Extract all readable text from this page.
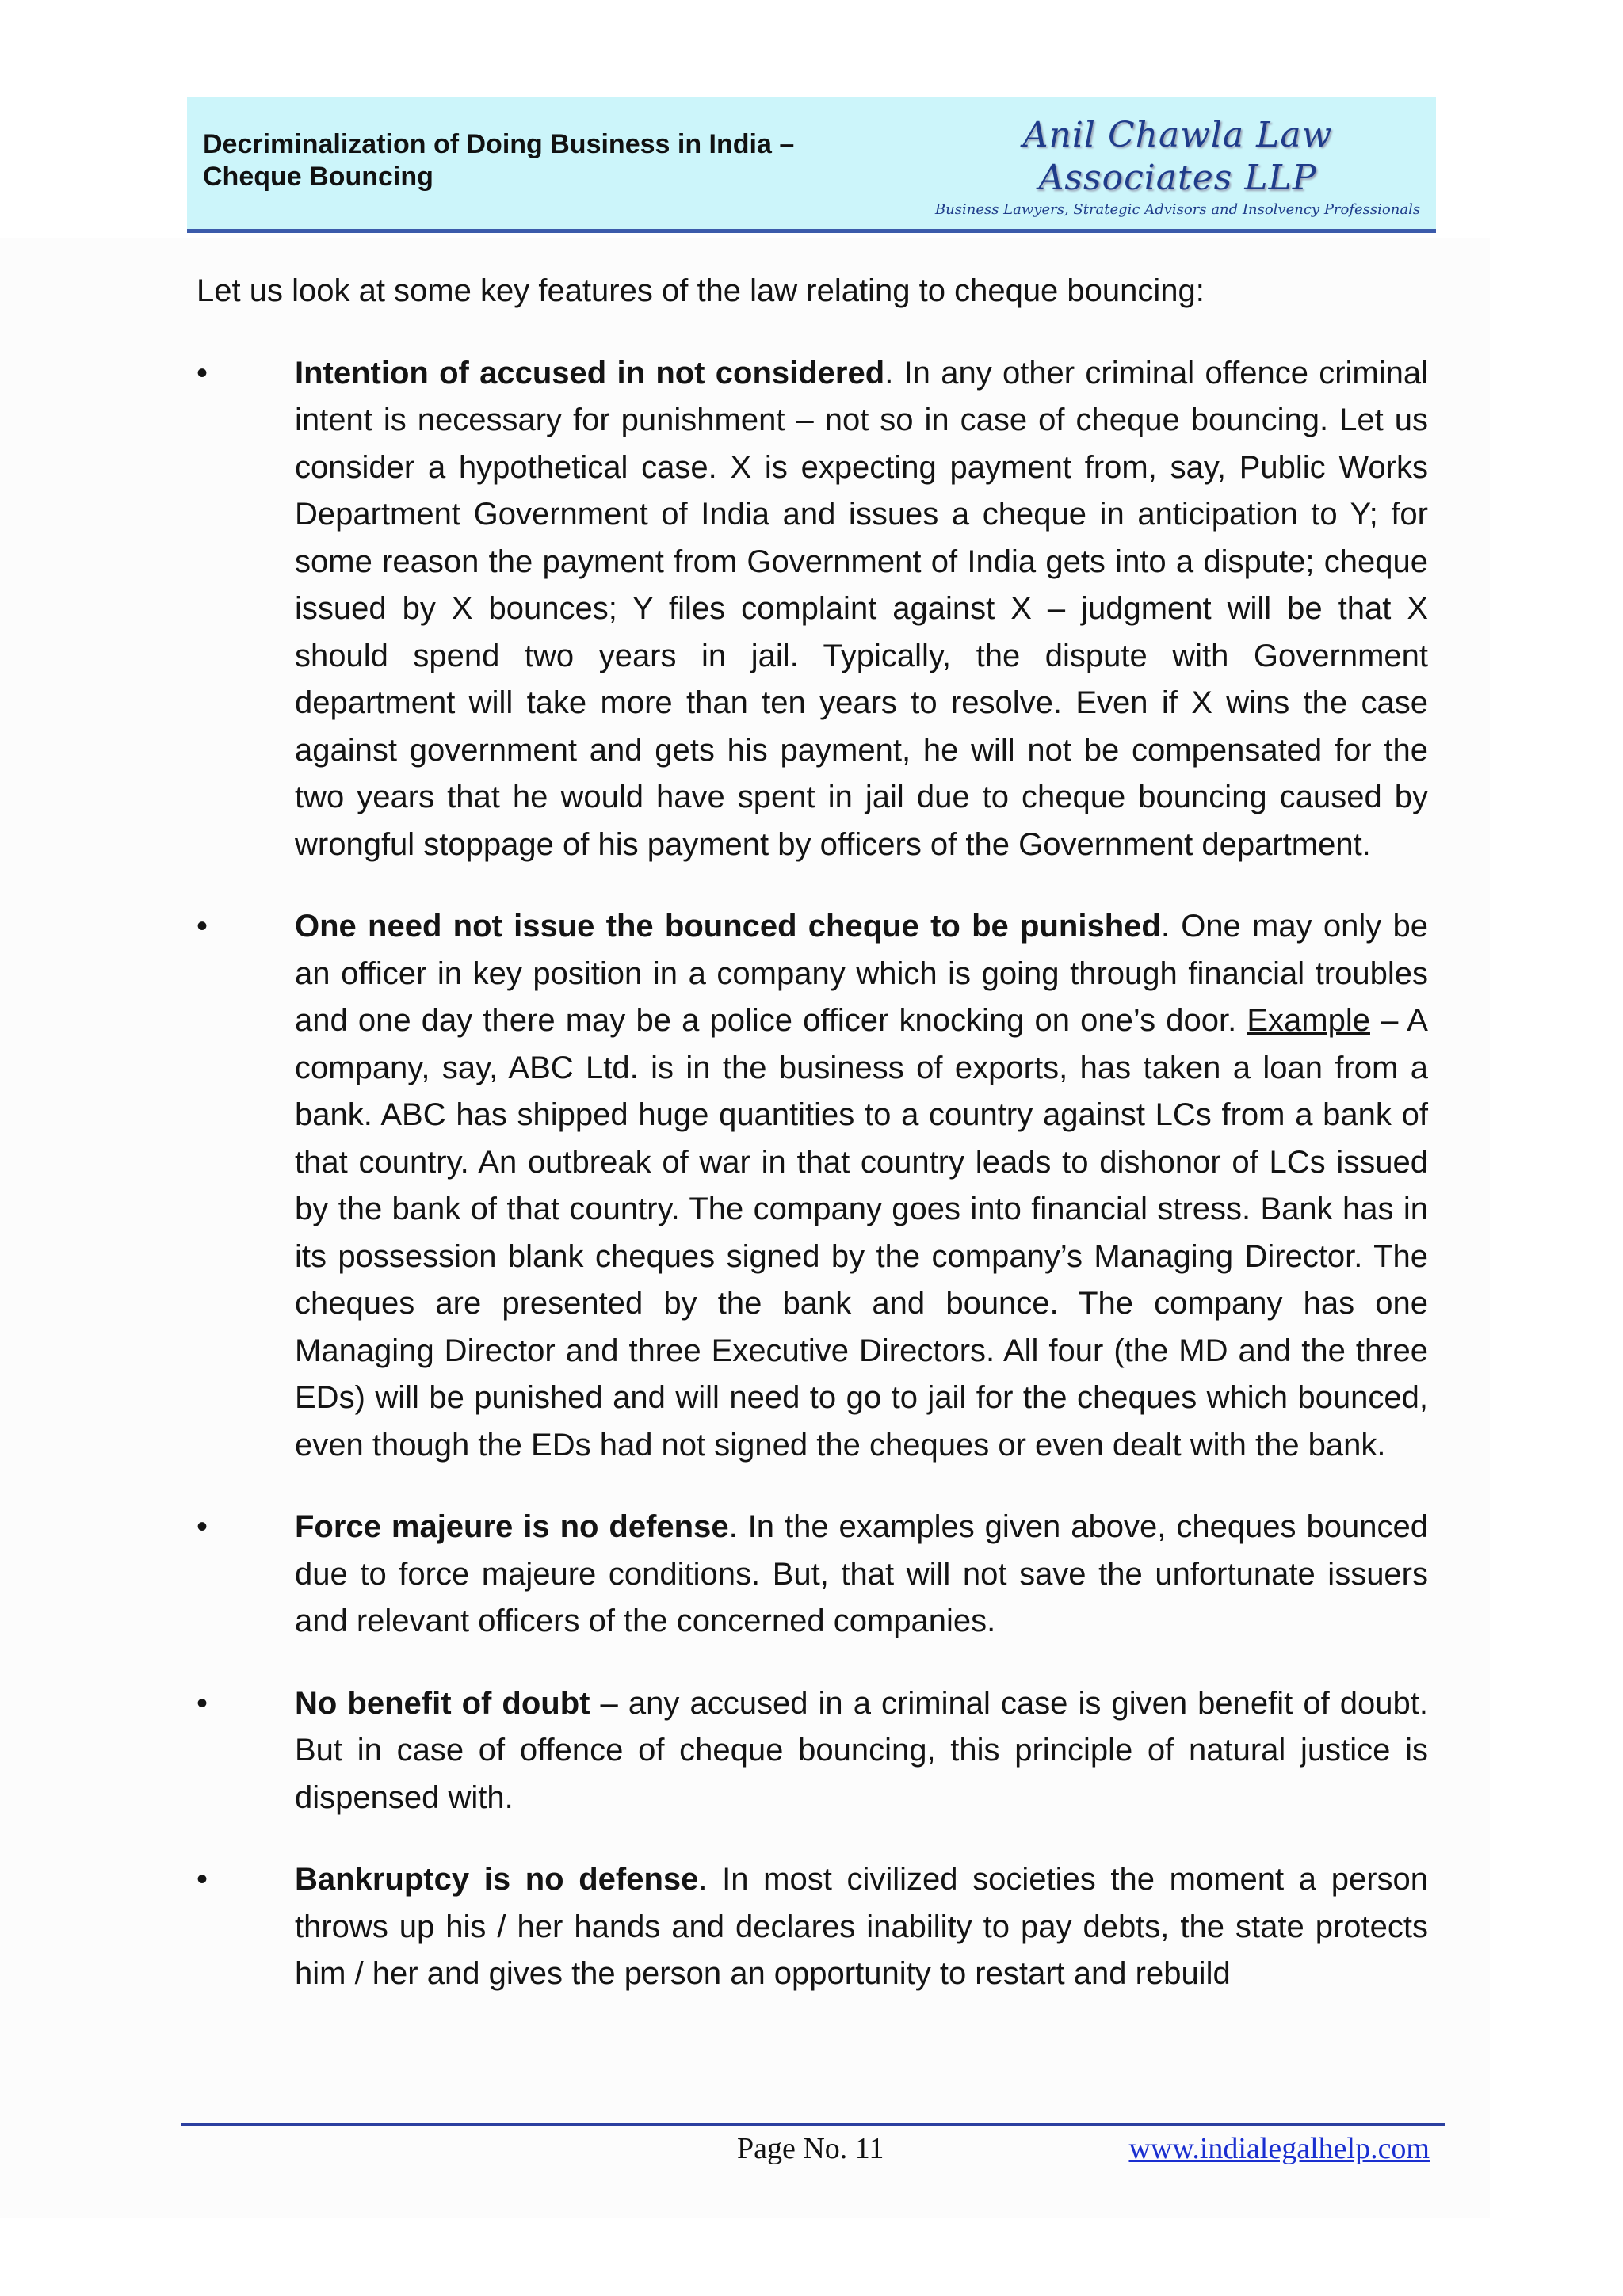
Decriminalization of Doing Business in India –
Cheque Bouncing
Anil Chawla Law Associates LLP
Business Lawyers, Strategic Advisors and Insolvency Professionals

Let us look at some key features of the law relating to cheque bouncing:

•	Intention of accused in not considered. In any other criminal offence criminal intent is necessary for punishment – not so in case of cheque bouncing. Let us consider a hypothetical case. X is expecting payment from, say, Public Works Department Government of India and issues a cheque in anticipation to Y; for some reason the payment from Government of India gets into a dispute; cheque issued by X bounces; Y files complaint against X – judgment will be that X should spend two years in jail. Typically, the dispute with Government department will take more than ten years to resolve. Even if X wins the case against government and gets his payment, he will not be compensated for the two years that he would have spent in jail due to cheque bouncing caused by wrongful stoppage of his payment by officers of the Government department.
•	One need not issue the bounced cheque to be punished. One may only be an officer in key position in a company which is going through financial troubles and one day there may be a police officer knocking on one’s door. Example – A company, say, ABC Ltd. is in the business of exports, has taken a loan from a bank. ABC has shipped huge quantities to a country against LCs from a bank of that country. An outbreak of war in that country leads to dishonor of LCs issued by the bank of that country. The company goes into financial stress. Bank has in its possession blank cheques signed by the company’s Managing Director. The cheques are presented by the bank and bounce. The company has one Managing Director and three Executive Directors. All four (the MD and the three EDs) will be punished and will need to go to jail for the cheques which bounced, even though the EDs had not signed the cheques or even dealt with the bank.
•	Force majeure is no defense. In the examples given above, cheques bounced due to force majeure conditions. But, that will not save the unfortunate issuers and relevant officers of the concerned companies.
•	No benefit of doubt – any accused in a criminal case is given benefit of doubt. But in case of offence of cheque bouncing, this principle of natural justice is dispensed with.
•	Bankruptcy is no defense. In most civilized societies the moment a person throws up his / her hands and declares inability to pay debts, the state protects him / her and gives the person an opportunity to restart and rebuild
Page No. 11	www.indialegalhelp.com
